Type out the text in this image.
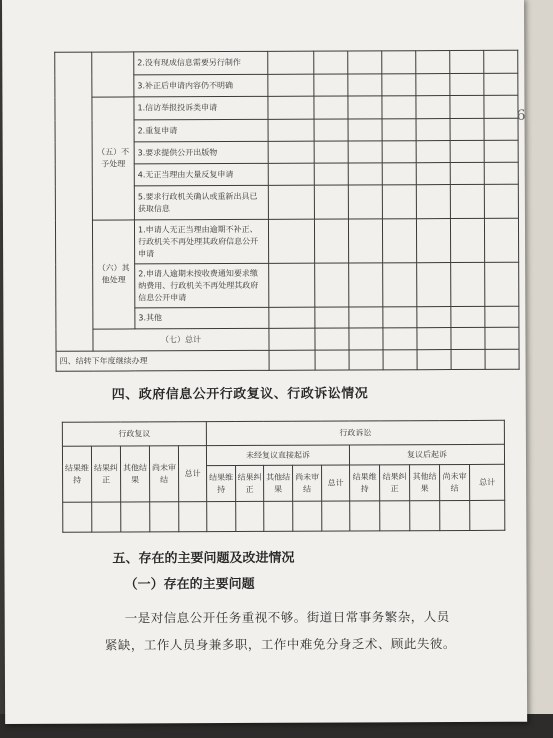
		2.没有现成信息需要另行制作							
		3.补正后申请内容仍不明确							
	（五）不予处理	1.信访举报投诉类申请							
		2.重复申请							
		3.要求提供公开出版物							
		4.无正当理由大量反复申请							
		5.要求行政机关确认或重新出具已获取信息							
	（六）其他处理	1.申请人无正当理由逾期不补正、行政机关不再处理其政府信息公开申请							
		2.申请人逾期未按收费通知要求缴纳费用、行政机关不再处理其政府信息公开申请							
		3.其他							
	（七）总计								
四、结转下年度继续办理									
四、政府信息公开行政复议、行政诉讼情况
行政复议					行政诉讼									
结果维持	结果纠正	其他结果	尚未审结	总计	未经复议直接起诉					复议后起诉				
					结果维持	结果纠正	其他结果	尚未审结	总计	结果维持	结果纠正	其他结果	尚未审结	总计

五、存在的主要问题及改进情况
（一）存在的主要问题

一是对信息公开任务重视不够。街道日常事务繁杂，人员

紧缺，工作人员身兼多职，工作中难免分身乏术、顾此失彼。

6
